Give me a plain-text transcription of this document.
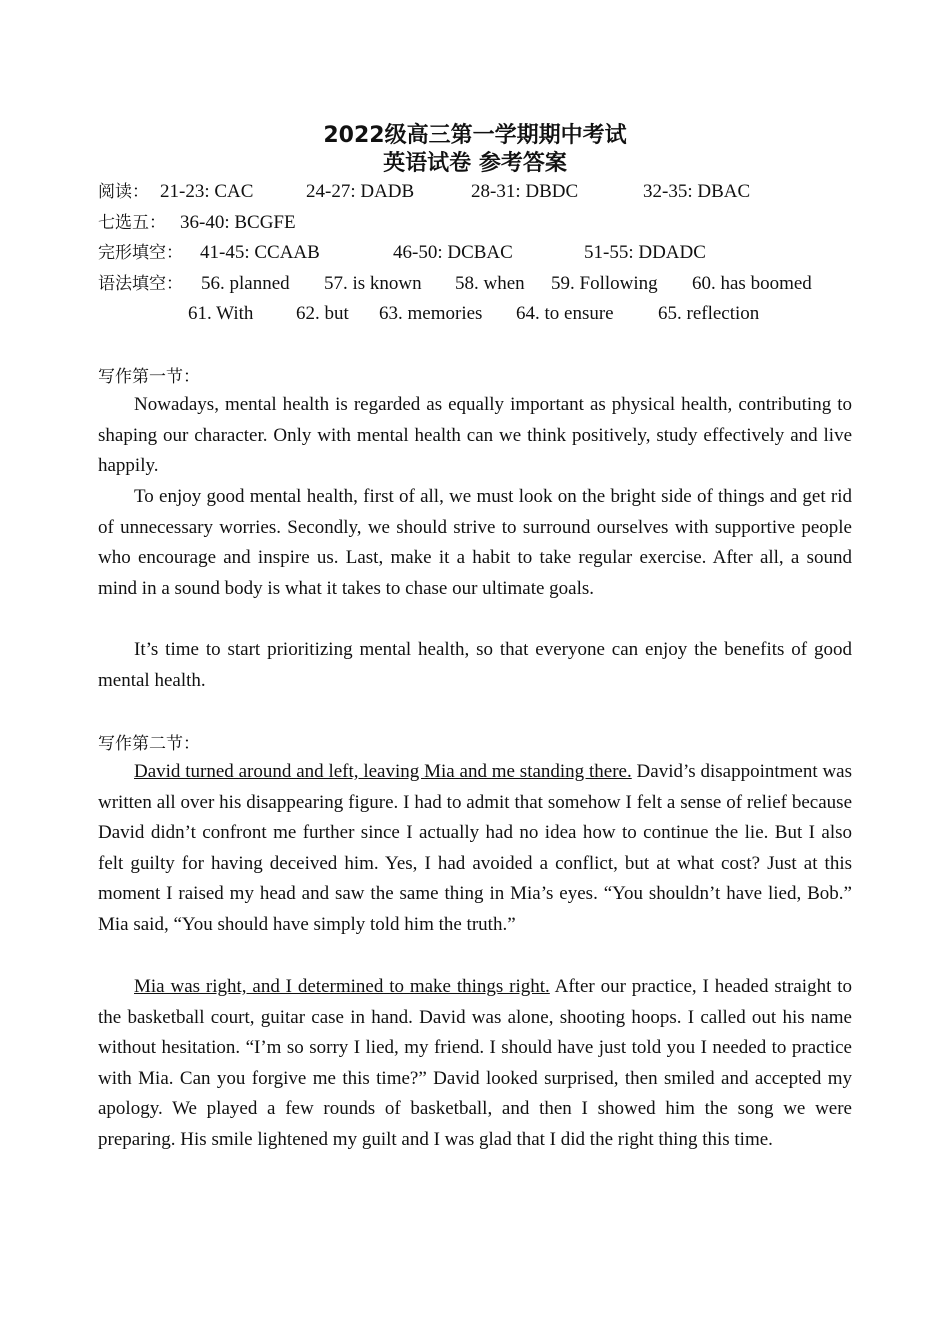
2022级高三第一学期期中考试
英语试卷 参考答案
阅读： 21-23: CAC	24-27: DADB	28-31: DBDC	32-35: DBAC
七选五： 36-40: BCGFE
完形填空： 41-45: CCAAB	46-50: DCBAC	51-55: DDADC
语法填空： 56. planned 57. is known 58. when 59. Following 60. has boomed
61. With 62. but 63. memories 64. to ensure 65. reflection
写作第一节：

Nowadays, mental health is regarded as equally important as physical health, contributing to shaping our character. Only with mental health can we think positively, study effectively and live happily.

To enjoy good mental health, first of all, we must look on the bright side of things and get rid of unnecessary worries. Secondly, we should strive to surround ourselves with supportive people who encourage and inspire us. Last, make it a habit to take regular exercise. After all, a sound mind in a sound body is what it takes to chase our ultimate goals.

It’s time to start prioritizing mental health, so that everyone can enjoy the benefits of good mental health.

写作第二节：

David turned around and left, leaving Mia and me standing there. David’s disappointment was written all over his disappearing figure. I had to admit that somehow I felt a sense of relief because David didn’t confront me further since I actually had no idea how to continue the lie. But I also felt guilty for having deceived him. Yes, I had avoided a conflict, but at what cost? Just at this moment I raised my head and saw the same thing in Mia’s eyes. “You shouldn’t have lied, Bob.” Mia said, “You should have simply told him the truth.”

Mia was right, and I determined to make things right. After our practice, I headed straight to the basketball court, guitar case in hand. David was alone, shooting hoops. I called out his name without hesitation. “I’m so sorry I lied, my friend. I should have just told you I needed to practice with Mia. Can you forgive me this time?” David looked surprised, then smiled and accepted my apology. We played a few rounds of basketball, and then I showed him the song we were preparing. His smile lightened my guilt and I was glad that I did the right thing this time.
